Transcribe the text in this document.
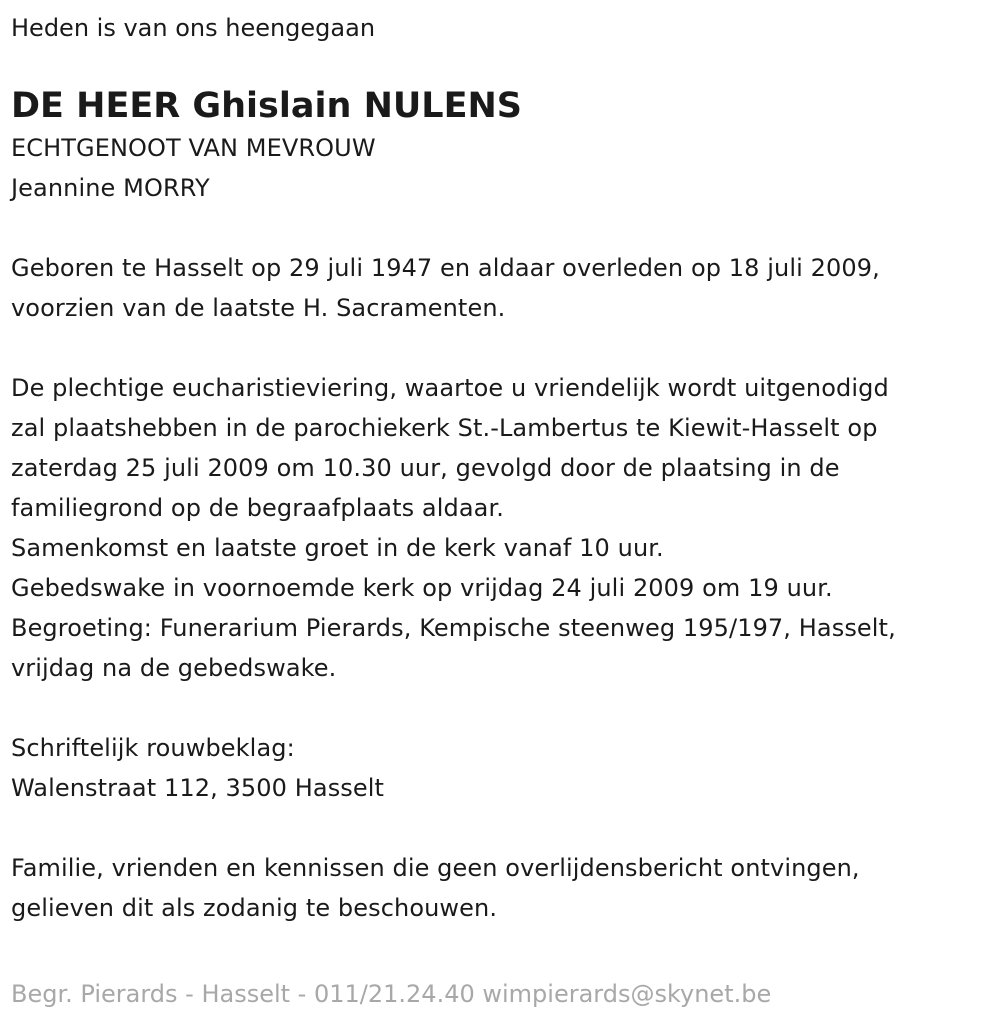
Heden is van ons heengegaan
DE HEER Ghislain NULENS
ECHTGENOOT VAN MEVROUW
Jeannine MORRY
Geboren te Hasselt op 29 juli 1947 en aldaar overleden op 18 juli 2009,
voorzien van de laatste H. Sacramenten.
De plechtige eucharistieviering, waartoe u vriendelijk wordt uitgenodigd
zal plaatshebben in de parochiekerk St.-Lambertus te Kiewit-Hasselt op
zaterdag 25 juli 2009 om 10.30 uur, gevolgd door de plaatsing in de
familiegrond op de begraafplaats aldaar.
Samenkomst en laatste groet in de kerk vanaf 10 uur.
Gebedswake in voornoemde kerk op vrijdag 24 juli 2009 om 19 uur.
Begroeting: Funerarium Pierards, Kempische steenweg 195/197, Hasselt,
vrijdag na de gebedswake.
Schriftelijk rouwbeklag:
Walenstraat 112, 3500 Hasselt
Familie, vrienden en kennissen die geen overlijdensbericht ontvingen,
gelieven dit als zodanig te beschouwen.
Begr. Pierards - Hasselt - 011/21.24.40 wimpierards@skynet.be
